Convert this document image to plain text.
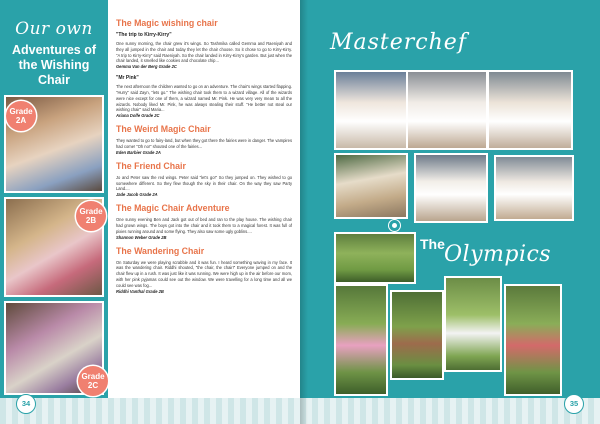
Our own
Adventures of the Wishing Chair
Grade
2A
Grade
2B
Grade
2C
The Magic wishing chair
"The trip to Kirry-Kirry"

One sunny morning, the chair grew it's wings. So Tashmika called Gemma and Raeniyah and they all jumped in the chair and today they let the chair choose. So it chose to go to Kirry-Kirry. "A trip to Kirry-Kirry" said Raeniyah. So the chair landed in Kirry-Kirry's garden. But just when the chair landed, it smelled like cookies and chocolate chip...

Gemma Van der Berg Grade 2C

"Mr Pink"

The next afternoon the children wanted to go on an adventure. The chair's wings started flapping. "Hurry" said Zayn, "lets go." The wishing chair took them to a wizard village. All of the wizards were nice except for one of them, a wizard named Mr. Pink. He was very very mean to all the wizards. Nobody liked Mr. Pink, he was always stealing their stuff. "He better not steal our wishing chair" said Maria...

Ariana Dolfe Grade 2C

The Weird Magic Chair

They wanted to go to fairy-land, but when they got there the fairies were in danger. The vampires had come! "Oh no!" shouted one of the fairies...

Eden Barbier Grade 2A

The Friend Chair

Jo and Peter saw the red wings. Peter said "let's go!" So they jumped on. They wished to go somewhere different. So they flew though the sky in their chair. On the way they saw Party Land....

Jade Jacob Grade 2A

The Magic Chair Adventure

One sunny evening Ben and Jack got out of bed and ran to the play house. The wishing chair had grown wings. The boys got into the chair and it took them to a magical forest. It was full of pixies running around and some flying. They also saw some ugly goblins....

Shannon Weber Grade 2B

The Wandering Chair

On Saturday we were playing scrabble and it was fun. I heard something waving in my face. It was the wandering chair. Riddhi shouted, "the chair, the chair!" Everyone jumped on and the chair flew up in a rush. It was just like it was running. We were high up in the air before our mom, with her pink pyjamas could see out the window. We were travelling for a long time and all we could see was fog...

Riddhi Vanthal Grade 2B

Masterchef
The Olympics
34	35
